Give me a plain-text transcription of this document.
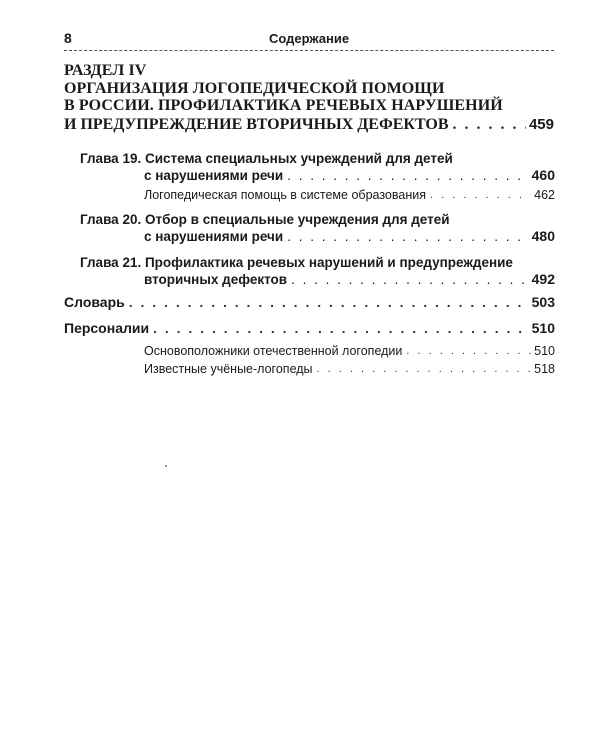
8	Содержание
РАЗДЕЛ IV
ОРГАНИЗАЦИЯ ЛОГОПЕДИЧЕСКОЙ ПОМОЩИ
В РОССИИ. ПРОФИЛАКТИКА РЕЧЕВЫХ НАРУШЕНИЙ
И ПРЕДУПРЕЖДЕНИЕ ВТОРИЧНЫХ ДЕФЕКТОВ . . .	459
Глава 19. Система специальных учреждений для детей
с нарушениями речи . . .	460
Логопедическая помощь в системе образования . . .	462
Глава 20. Отбор в специальные учреждения для детей
с нарушениями речи . . .	480
Глава 21. Профилактика речевых нарушений и предупреждение
вторичных дефектов . . .	492
Словарь . . .	503
Персоналии . . .	510
Основоположники отечественной логопедии . . .	510
Известные учёные-логопеды . . .	518
